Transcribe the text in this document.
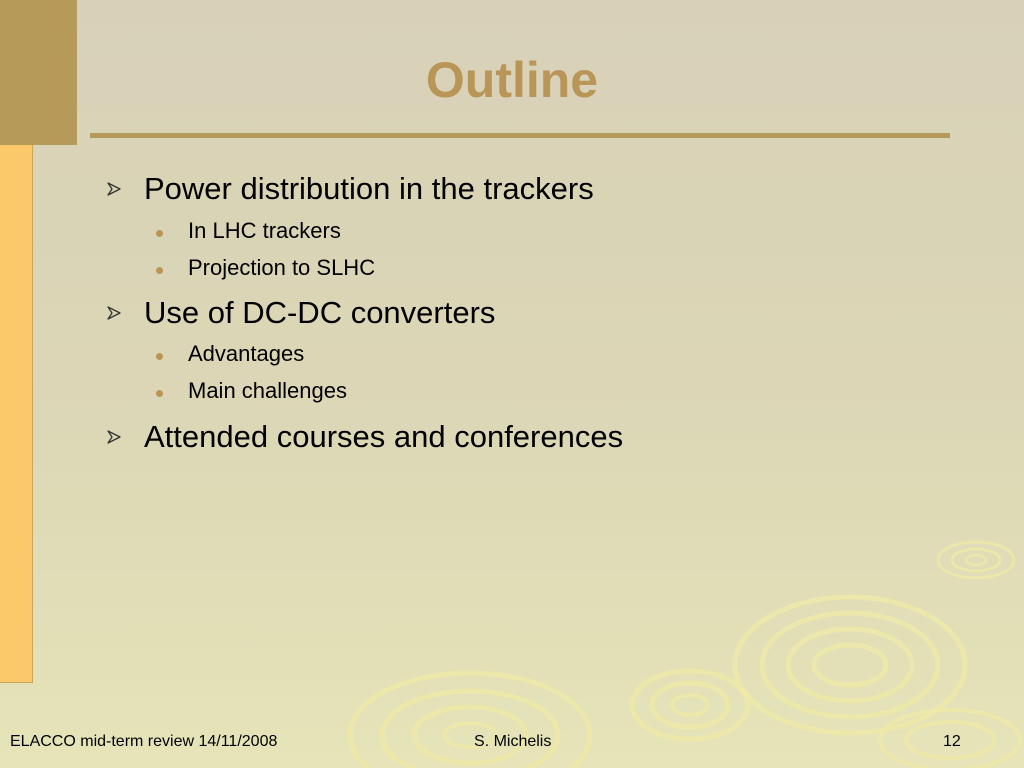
Outline
Power distribution in the trackers
In LHC trackers
Projection to SLHC
Use of DC-DC converters
Advantages
Main challenges
Attended courses and conferences
ELACCO mid-term review 14/11/2008	S. Michelis	12
